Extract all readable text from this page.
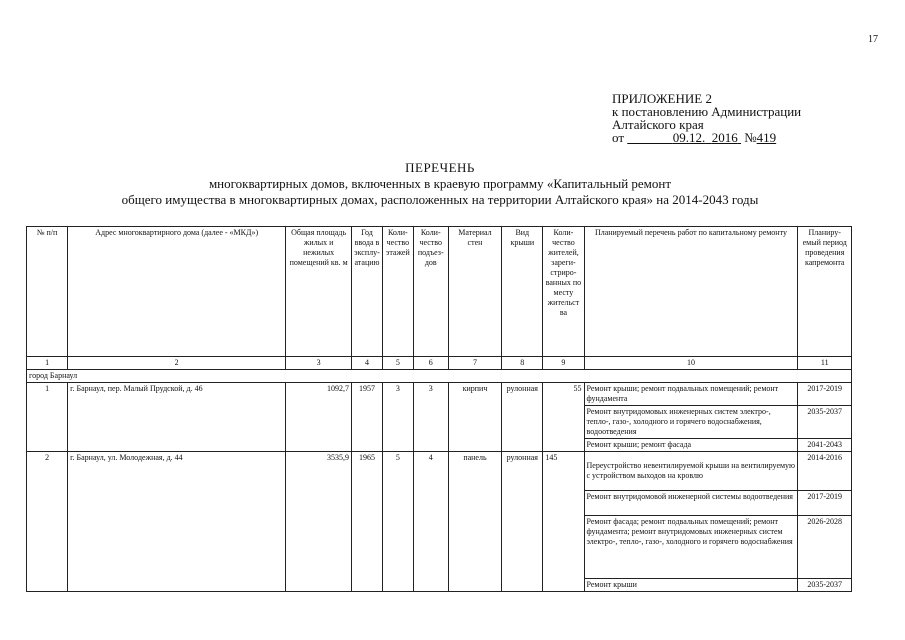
17
ПРИЛОЖЕНИЕ 2
к постановлению Администрации
Алтайского края
от	09.12. 2016 №419
ПЕРЕЧЕНЬ
многоквартирных домов, включенных в краевую программу «Капитальный ремонт
общего имущества в многоквартирных домах, расположенных на территории Алтайского края» на 2014-2043 годы
№ п/п	Адрес многоквартирного дома (далее - «МКД»)	Общая площадь жилых и нежилых помещений кв. м	Год ввода в эксплу-атацию	Коли-чество этажей	Коли-чество подъез-дов	Материал стен	Вид крыши	Коли-чество жителей, зареги-стриро-ванных по месту жительст ва	Планируемый перечень работ по капитальному ремонту	Планиру-емый период проведения капремонта
1	2	3	4	5	6	7	8	9	10	11
город Барнаул										
1	г. Барнаул, пер. Малый Прудской, д. 46	1092,7	1957	3	3	кирпич	рулонная	55	Ремонт крыши; ремонт подвальных помещений; ремонт фундамента	2017-2019
									Ремонт внутридомовых инженерных систем электро-, тепло-, газо-, холодного и горячего водоснабжения, водоотведения	2035-2037
									Ремонт крыши; ремонт фасада	2041-2043
2	г. Барнаул, ул. Молодежная, д. 44	3535,9	1965	5	4	панель	рулонная	145	Переустройство невентилируемой крыши на вентилируемую с устройством выходов на кровлю	2014-2016
									Ремонт внутридомовой инженерной системы водоотведения	2017-2019
									Ремонт фасада; ремонт подвальных помещений; ремонт фундамента; ремонт внутридомовых инженерных систем электро-, тепло-, газо-, холодного и горячего водоснабжения	2026-2028
									Ремонт крыши	2035-2037
